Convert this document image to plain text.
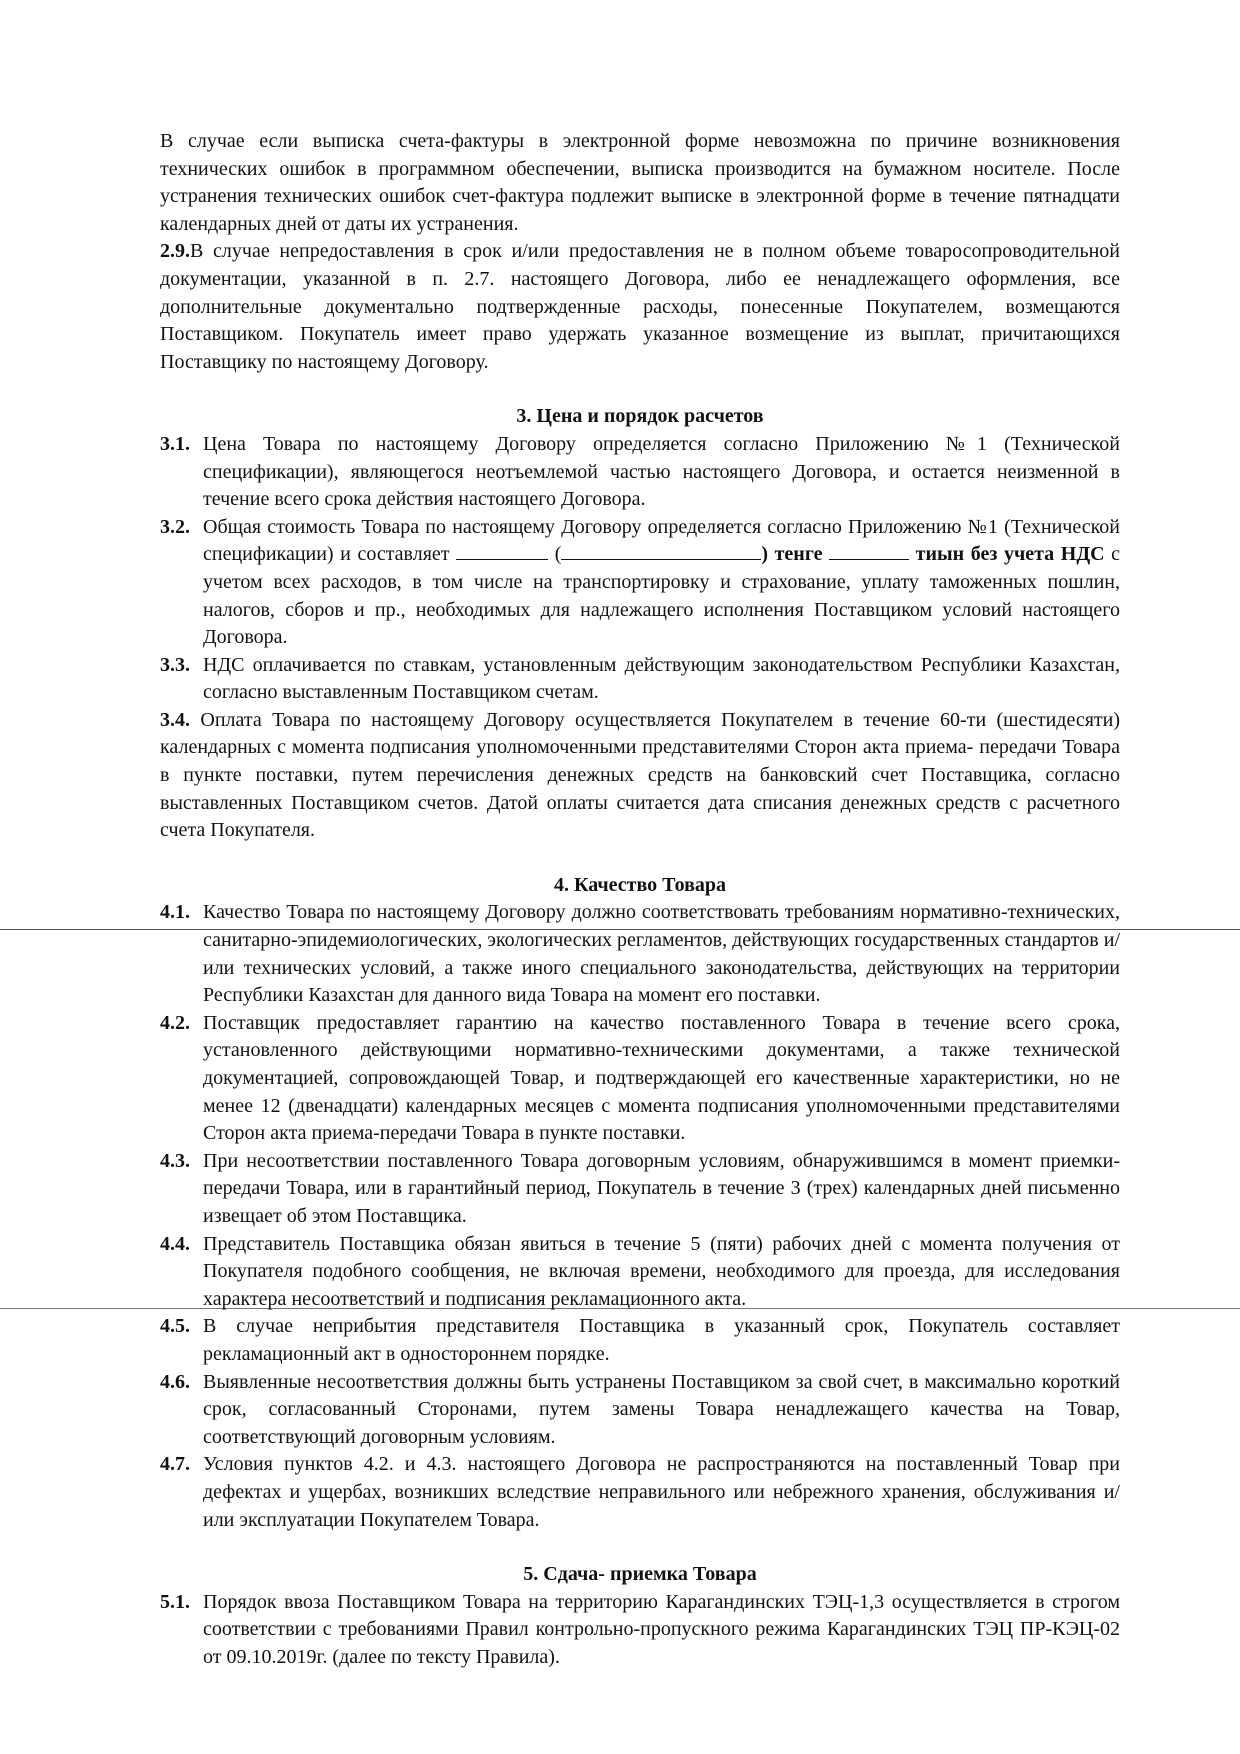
В случае если выписка счета-фактуры в электронной форме невозможна по причине возникновения технических ошибок в программном обеспечении, выписка производится на бумажном носителе. После устранения технических ошибок счет-фактура подлежит выписке в электронной форме в течение пятнадцати календарных дней от даты их устранения.

2.9.В случае непредоставления в срок и/или предоставления не в полном объеме товаросопроводительной документации, указанной в п. 2.7. настоящего Договора, либо ее ненадлежащего оформления, все дополнительные документально подтвержденные расходы, понесенные Покупателем, возмещаются Поставщиком. Покупатель имеет право удержать указанное возмещение из выплат, причитающихся Поставщику по настоящему Договору.

3. Цена и порядок расчетов

3.1. Цена Товара по настоящему Договору определяется согласно Приложению №1 (Технической спецификации), являющегося неотъемлемой частью настоящего Договора, и остается неизменной в течение всего срока действия настоящего Договора.
3.2. Общая стоимость Товара по настоящему Договору определяется согласно Приложению №1 (Технической спецификации) и составляет	(	) тенге	тиын без учета НДС с учетом всех расходов, в том числе на транспортировку и страхование, уплату таможенных пошлин, налогов, сборов и пр., необходимых для надлежащего исполнения Поставщиком условий настоящего Договора.
3.3. НДС оплачивается по ставкам, установленным действующим законодательством Республики Казахстан, согласно выставленным Поставщиком счетам.

3.4. Оплата Товара по настоящему Договору осуществляется Покупателем в течение 60-ти (шестидесяти) календарных с момента подписания уполномоченными представителями Сторон акта приема- передачи Товара в пункте поставки, путем перечисления денежных средств на банковский счет Поставщика, согласно выставленных Поставщиком счетов. Датой оплаты считается дата списания денежных средств с расчетного счета Покупателя.

4. Качество Товара

4.1. Качество Товара по настоящему Договору должно соответствовать требованиям нормативно-технических, санитарно-эпидемиологических, экологических регламентов, действующих государственных стандартов и/или технических условий, а также иного специального законодательства, действующих на территории Республики Казахстан для данного вида Товара на момент его поставки.
4.2. Поставщик предоставляет гарантию на качество поставленного Товара в течение всего срока, установленного действующими нормативно-техническими документами, а также технической документацией, сопровождающей Товар, и подтверждающей его качественные характеристики, но не менее 12 (двенадцати) календарных месяцев с момента подписания уполномоченными представителями Сторон акта приема-передачи Товара в пункте поставки.
4.3. При несоответствии поставленного Товара договорным условиям, обнаружившимся в момент приемки-передачи Товара, или в гарантийный период, Покупатель в течение 3 (трех) календарных дней письменно извещает об этом Поставщика.
4.4. Представитель Поставщика обязан явиться в течение 5 (пяти) рабочих дней с момента получения от Покупателя подобного сообщения, не включая времени, необходимого для проезда, для исследования характера несоответствий и подписания рекламационного акта.
4.5. В случае неприбытия представителя Поставщика в указанный срок, Покупатель составляет рекламационный акт в одностороннем порядке.
4.6. Выявленные несоответствия должны быть устранены Поставщиком за свой счет, в максимально короткий срок, согласованный Сторонами, путем замены Товара ненадлежащего качества на Товар, соответствующий договорным условиям.
4.7. Условия пунктов 4.2. и 4.3. настоящего Договора не распространяются на поставленный Товар при дефектах и ущербах, возникших вследствие неправильного или небрежного хранения, обслуживания и/или эксплуатации Покупателем Товара.

5. Сдача- приемка Товара

5.1. Порядок ввоза Поставщиком Товара на территорию Карагандинских ТЭЦ-1,3 осуществляется в строгом соответствии с требованиями Правил контрольно-пропускного режима Карагандинских ТЭЦ ПР-КЭЦ-02 от 09.10.2019г. (далее по тексту Правила).
